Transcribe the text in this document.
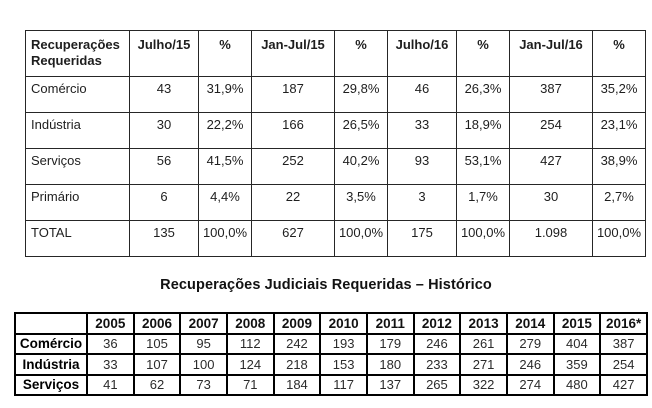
Recuperações Requeridas	Julho/15	%	Jan-Jul/15	%	Julho/16	%	Jan-Jul/16	%
Comércio	43	31,9%	187	29,8%	46	26,3%	387	35,2%
Indústria	30	22,2%	166	26,5%	33	18,9%	254	23,1%
Serviços	56	41,5%	252	40,2%	93	53,1%	427	38,9%
Primário	6	4,4%	22	3,5%	3	1,7%	30	2,7%
TOTAL	135	100,0%	627	100,0%	175	100,0%	1.098	100,0%
Recuperações Judiciais Requeridas – Histórico
	2005	2006	2007	2008	2009	2010	2011	2012	2013	2014	2015	2016*
Comércio	36	105	95	112	242	193	179	246	261	279	404	387
Indústria	33	107	100	124	218	153	180	233	271	246	359	254
Serviços	41	62	73	71	184	117	137	265	322	274	480	427
